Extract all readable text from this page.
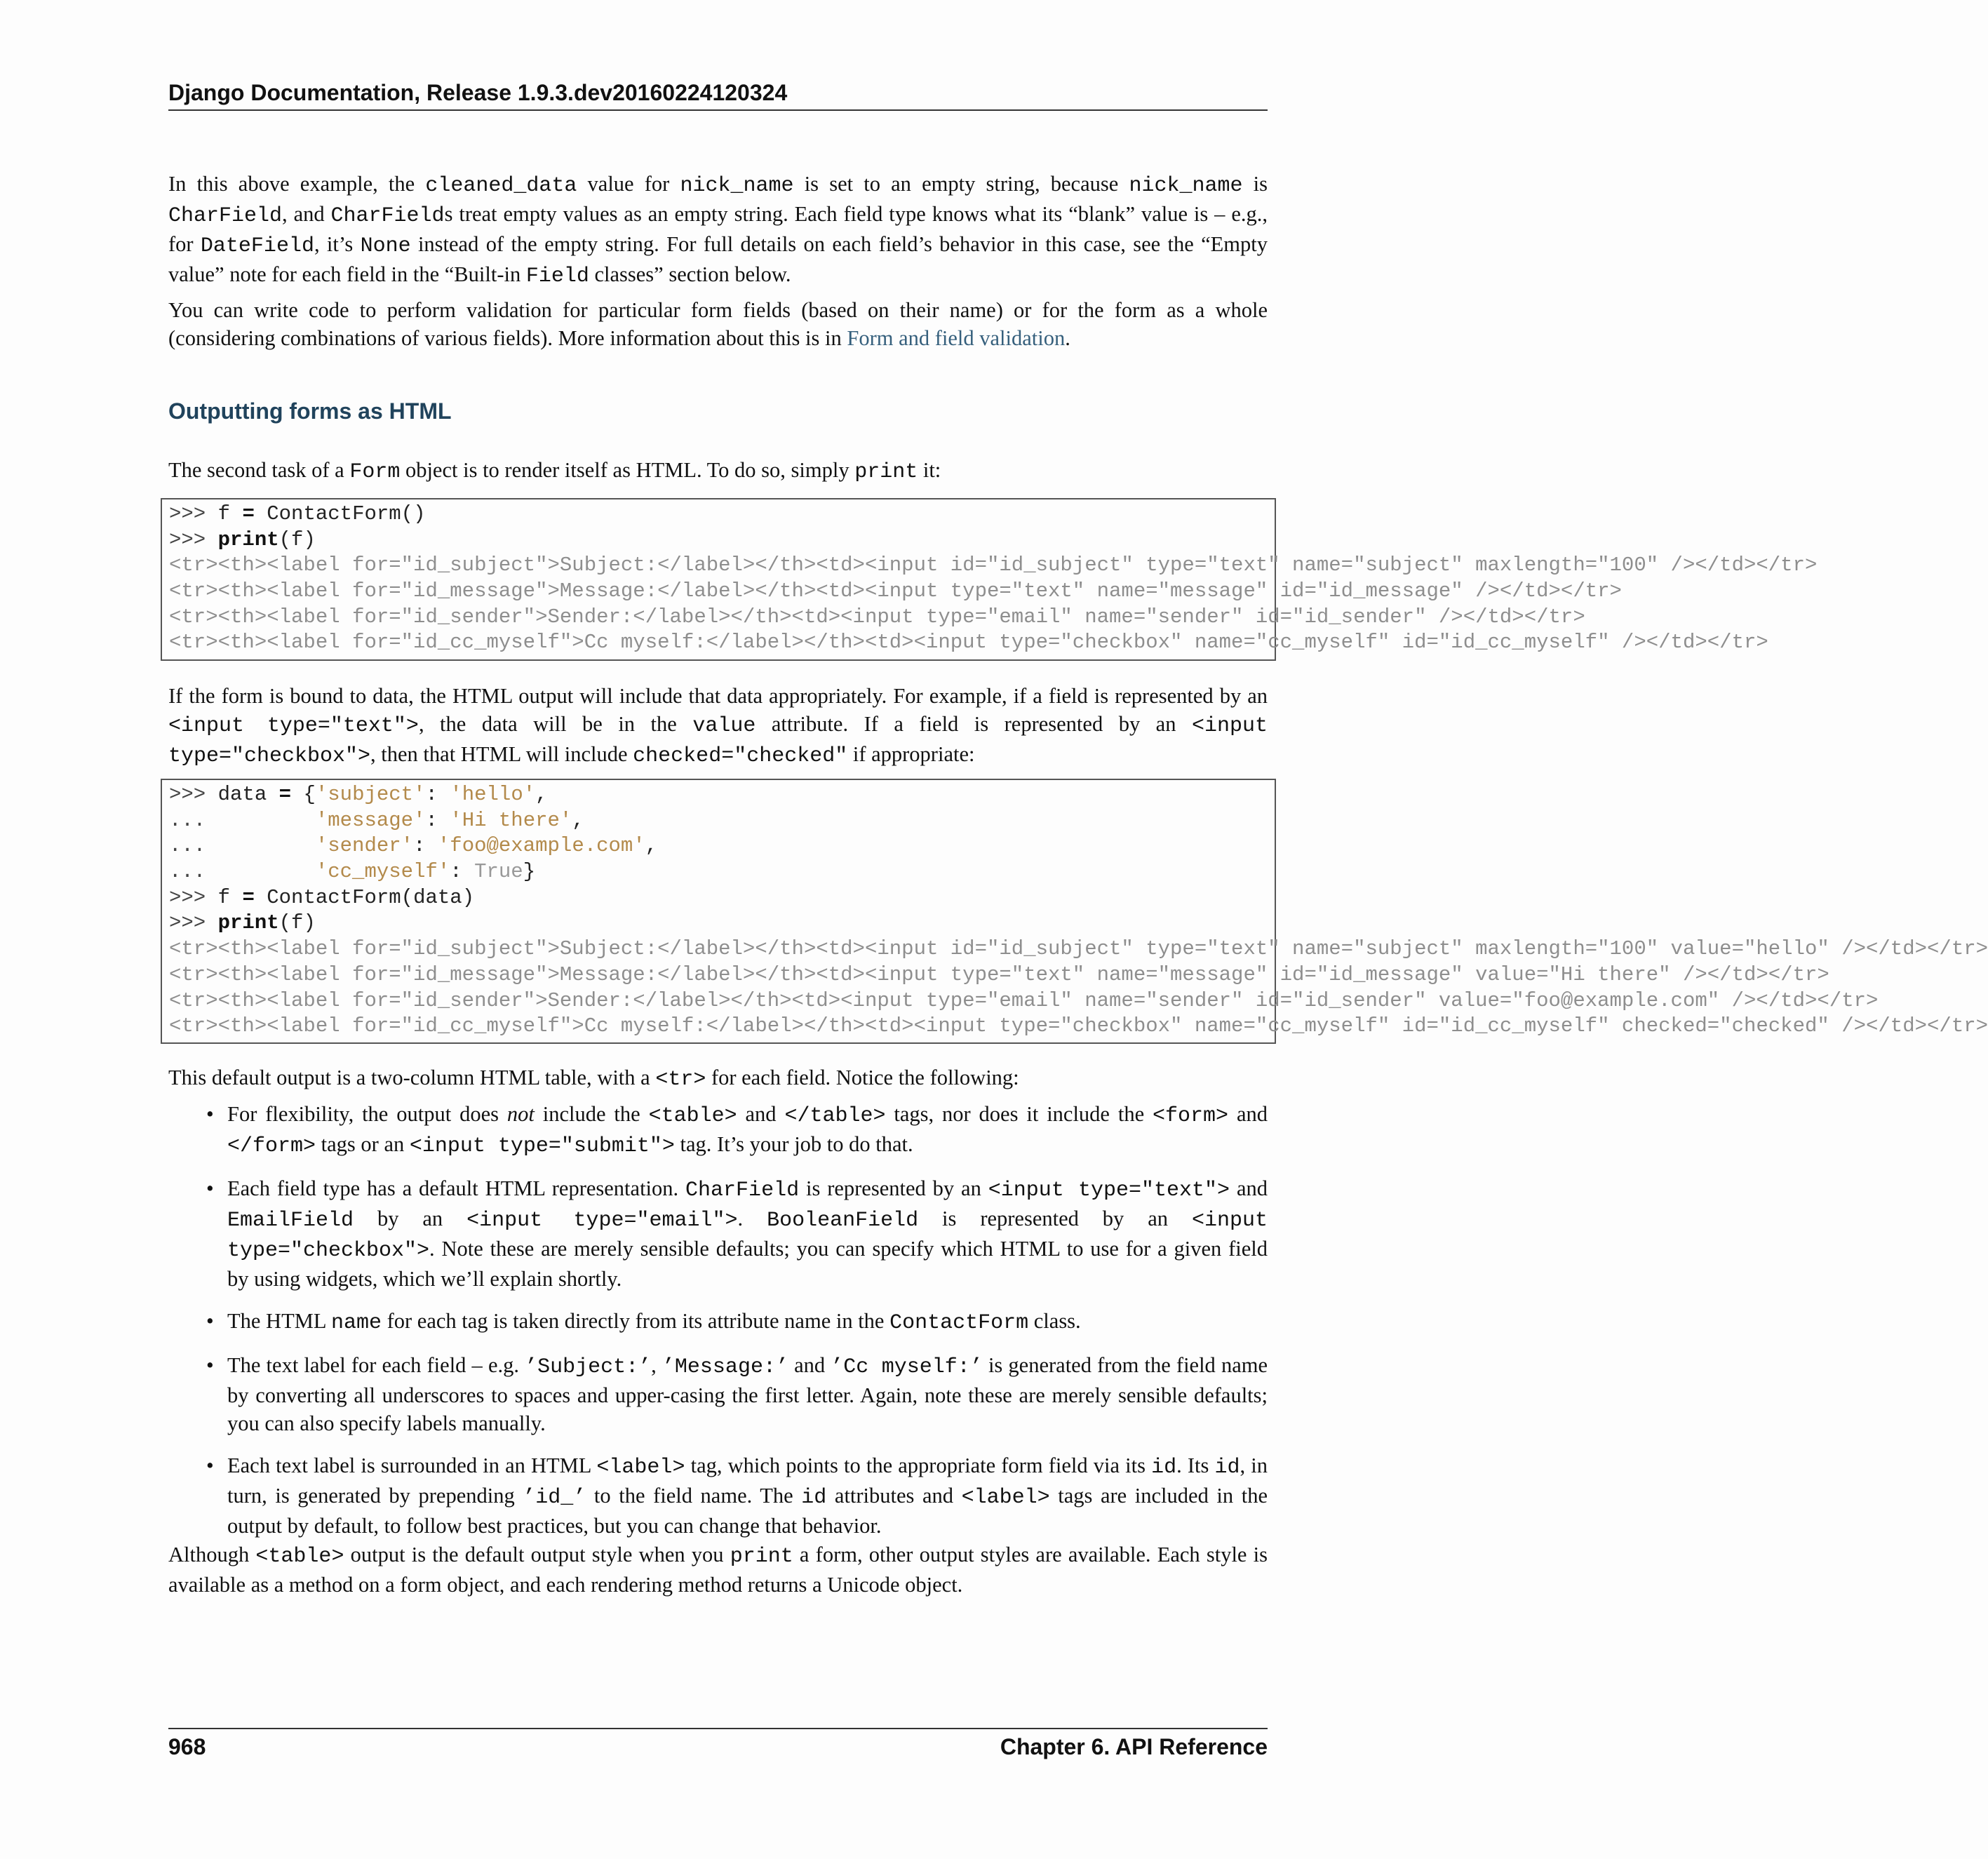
Django Documentation, Release 1.9.3.dev20160224120324

In this above example, the cleaned_data value for nick_name is set to an empty string, because nick_name is CharField, and CharFields treat empty values as an empty string. Each field type knows what its “blank” value is – e.g., for DateField, it’s None instead of the empty string. For full details on each field’s behavior in this case, see the “Empty value” note for each field in the “Built-in Field classes” section below.

You can write code to perform validation for particular form fields (based on their name) or for the form as a whole (considering combinations of various fields). More information about this is in Form and field validation.

Outputting forms as HTML

The second task of a Form object is to render itself as HTML. To do so, simply print it:

>>> f = ContactForm()
>>> print(f)
<tr><th><label for="id_subject">Subject:</label></th><td><input id="id_subject" type="text" name="subject" maxlength="100" /></td></tr>
<tr><th><label for="id_message">Message:</label></th><td><input type="text" name="message" id="id_message" /></td></tr>
<tr><th><label for="id_sender">Sender:</label></th><td><input type="email" name="sender" id="id_sender" /></td></tr>
<tr><th><label for="id_cc_myself">Cc myself:</label></th><td><input type="checkbox" name="cc_myself" id="id_cc_myself" /></td></tr>

If the form is bound to data, the HTML output will include that data appropriately. For example, if a field is represented by an <input type="text">, the data will be in the value attribute. If a field is represented by an <input type="checkbox">, then that HTML will include checked="checked" if appropriate:

>>> data = {'subject': 'hello',
...         'message': 'Hi there',
...         'sender': 'foo@example.com',
...         'cc_myself': True}
>>> f = ContactForm(data)
>>> print(f)
<tr><th><label for="id_subject">Subject:</label></th><td><input id="id_subject" type="text" name="subject" maxlength="100" value="hello" /></td></tr>
<tr><th><label for="id_message">Message:</label></th><td><input type="text" name="message" id="id_message" value="Hi there" /></td></tr>
<tr><th><label for="id_sender">Sender:</label></th><td><input type="email" name="sender" id="id_sender" value="foo@example.com" /></td></tr>
<tr><th><label for="id_cc_myself">Cc myself:</label></th><td><input type="checkbox" name="cc_myself" id="id_cc_myself" checked="checked" /></td></tr>

This default output is a two-column HTML table, with a <tr> for each field. Notice the following:

• For flexibility, the output does not include the <table> and </table> tags, nor does it include the <form> and </form> tags or an <input type="submit"> tag. It’s your job to do that.
• Each field type has a default HTML representation. CharField is represented by an <input type="text"> and EmailField by an <input type="email">. BooleanField is represented by an <input type="checkbox">. Note these are merely sensible defaults; you can specify which HTML to use for a given field by using widgets, which we’ll explain shortly.
• The HTML name for each tag is taken directly from its attribute name in the ContactForm class.
• The text label for each field – e.g. ’Subject:’, ’Message:’ and ’Cc myself:’ is generated from the field name by converting all underscores to spaces and upper-casing the first letter. Again, note these are merely sensible defaults; you can also specify labels manually.
• Each text label is surrounded in an HTML <label> tag, which points to the appropriate form field via its id. Its id, in turn, is generated by prepending ’id_’ to the field name. The id attributes and <label> tags are included in the output by default, to follow best practices, but you can change that behavior.

Although <table> output is the default output style when you print a form, other output styles are available. Each style is available as a method on a form object, and each rendering method returns a Unicode object.

968	Chapter 6. API Reference
